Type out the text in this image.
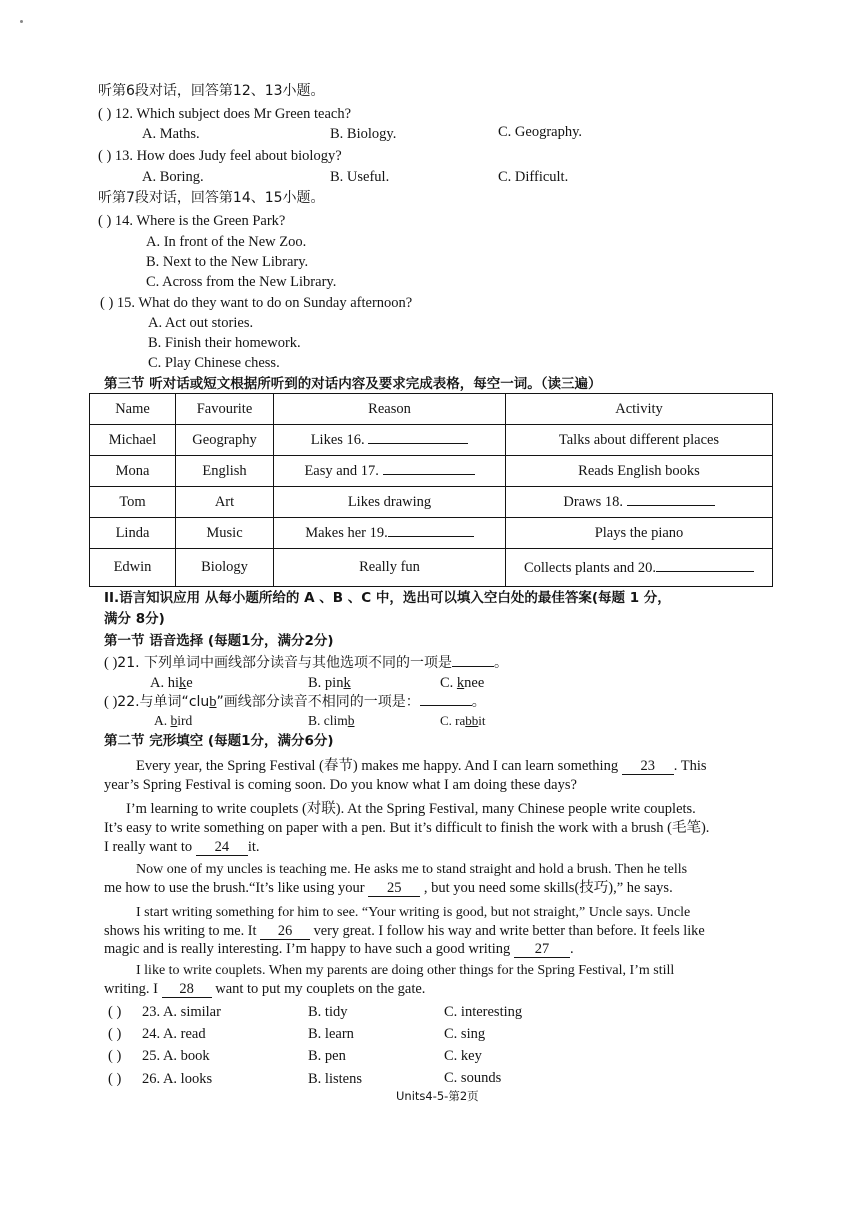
听第6段对话，回答第12、13小题。
( ) 12. Which subject does Mr Green teach?
A. Maths.	B. Biology.	C. Geography.
( ) 13. How does Judy feel about biology?
A. Boring.	B. Useful.	C. Difficult.
听第7段对话，回答第14、15小题。
( ) 14. Where is the Green Park?
A. In front of the New Zoo.
B. Next to the New Library.
C. Across from the New Library.
( ) 15. What do they want to do on Sunday afternoon?
A. Act out stories.
B. Finish their homework.
C. Play Chinese chess.
第三节 听对话或短文根据所听到的对话内容及要求完成表格，每空一词。（读三遍）
Name	Favourite	Reason	Activity
Michael	Geography	Likes 16.	Talks about different places
Mona	English	Easy and 17.	Reads English books
Tom	Art	Likes drawing	Draws 18.
Linda	Music	Makes her 19.	Plays the piano
Edwin	Biology	Really fun	Collects plants and 20.
II.语言知识应用 从每小题所给的 A 、B 、C 中，选出可以填入空白处的最佳答案(每题 1 分，
满分 8分)
第一节 语音选择 (每题1分，满分2分)
( )21. 下列单词中画线部分读音与其他选项不同的一项是	。
A. hike	B. pink	C. knee
( )22.与单词“club”画线部分读音不相同的一项是：	。
A. bird	B. climb	C. rabbit
第二节 完形填空 (每题1分，满分6分)
Every year, the Spring Festival (春节) makes me happy. And I can learn something 23 . This
year’s Spring Festival is coming soon. Do you know what I am doing these days?
I’m learning to write couplets (对联). At the Spring Festival, many Chinese people write couplets.
It’s easy to write something on paper with a pen. But it’s difficult to finish the work with a brush (毛笔).
I really want to 24 it.
Now one of my uncles is teaching me. He asks me to stand straight and hold a brush. Then he tells
me how to use the brush.“It’s like using your 25 , but you need some skills(技巧),” he says.
I start writing something for him to see. “Your writing is good, but not straight,” Uncle says. Uncle
shows his writing to me. It 26 very great. I follow his way and write better than before. It feels like
magic and is really interesting. I’m happy to have such a good writing 27 .
I like to write couplets. When my parents are doing other things for the Spring Festival, I’m still
writing. I 28 want to put my couplets on the gate.
( ) 23. A. similar	B. tidy	C. interesting
( ) 24. A. read	B. learn	C. sing
( ) 25. A. book	B. pen	C. key
( ) 26. A. looks	B. listens	C. sounds
Units4-5-第2页
